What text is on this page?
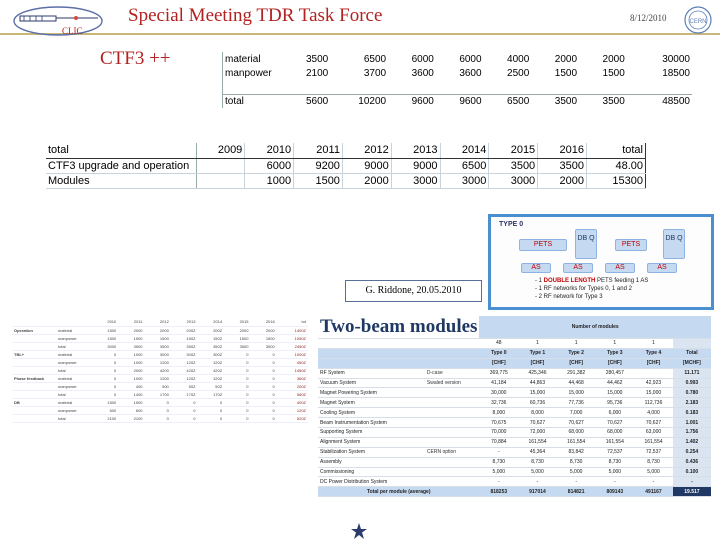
CLIC
Special Meeting TDR Task Force	8/12/2010	CERN
CTF3 ++	material	3500	6500	6000	6000	4000	2000	2000		30000
manpower	2100	3700	3600	3600	2500	1500	1500		18500

total	5600	10200	9600	9600	6500	3500	3500		48500
total	2009	2010	2011	2012	2013	2014	2015	2016	total
CTF3 upgrade and operation		6000	9200	9000	9000	6500	3500	3500	48.00
Modules		1000	1500	2000	3000	3000	3000	2000	15300
TYPE 0
PETS
DB Q
PETS
DB Q
AS	AS	AS	AS
- 1 DOUBLE LENGTH PETS feeding 1 AS
- 1 RF networks for Types 0, 1 and 2
- 2 RF network for Type 3
G. Riddone, 20.05.2010
		2010	2011	2012	2013	2014	2015	2016	tot
Operation	material	1500	2000	2000	200Z	200Z	2000	2000	1400Z
	manpower	1500	1500	1500	150Z	150Z	1500	1500	1050Z
	total	3000	3500	3500	350Z	350Z	3500	3500	2450Z
TBL+	material	0	1000	3000	300Z	300Z	0	0	1000Z
	manpower	0	1000	1200	120Z	120Z	0	0	450Z
	total	0	2000	4200	420Z	420Z	0	0	1450Z
Phase feedback	material	0	1000	1200	120Z	120Z	0	0	360Z
	manpower	0	400	500	50Z	50Z	0	0	200Z
	total	0	1400	1700	170Z	170Z	0	0	560Z
DB	material	1500	1500	0	0	0	0	0	400Z
	manpower	600	600	0	0	0	0	0	120Z
	total	2100	2100	0	0	0	0	0	520Z
Two-beam modules		Number of modules					
		48	1	1	1	1	
		Type 0	Type 1	Type 2	Type 3	Type 4	Total
		[CHF]	[CHF]	[CHF]	[CHF]	[CHF]	[MCHF]
RF System	D-case	369,775	425,346	291,382	280,457		11.171
Vacuum System	Swaled version	41,184	44,863	44,468	44,462	42,923	0.993
Magnet Powering System		30,000	15,000	15,000	15,000	15,000	0.780
Magnet System		32,736	60,736	77,736	95,736	112,736	2.183
Cooling System		8,000	8,000	7,000	6,000	4,000	0.183
Beam Instrumentation System		70,675	70,627	70,627	70,627	70,627	1.001
Supporting System		70,000	72,000	68,000	68,000	63,000	1.756
Alignment System		70,884	161,554	161,554	161,554	161,554	1.402
Stabilization System	CERN option	-	45,364	83,842	72,537	72,537	0.254
Assembly		8,730	8,730	8,730	8,730	8,730	0.436
Commissioning		5,000	5,000	5,000	5,000	5,000	0.100
DC Power Distribution System		-	-	-	-	-	-
Total per module (average)		818253	917014	814821	809143	491167	19.517
